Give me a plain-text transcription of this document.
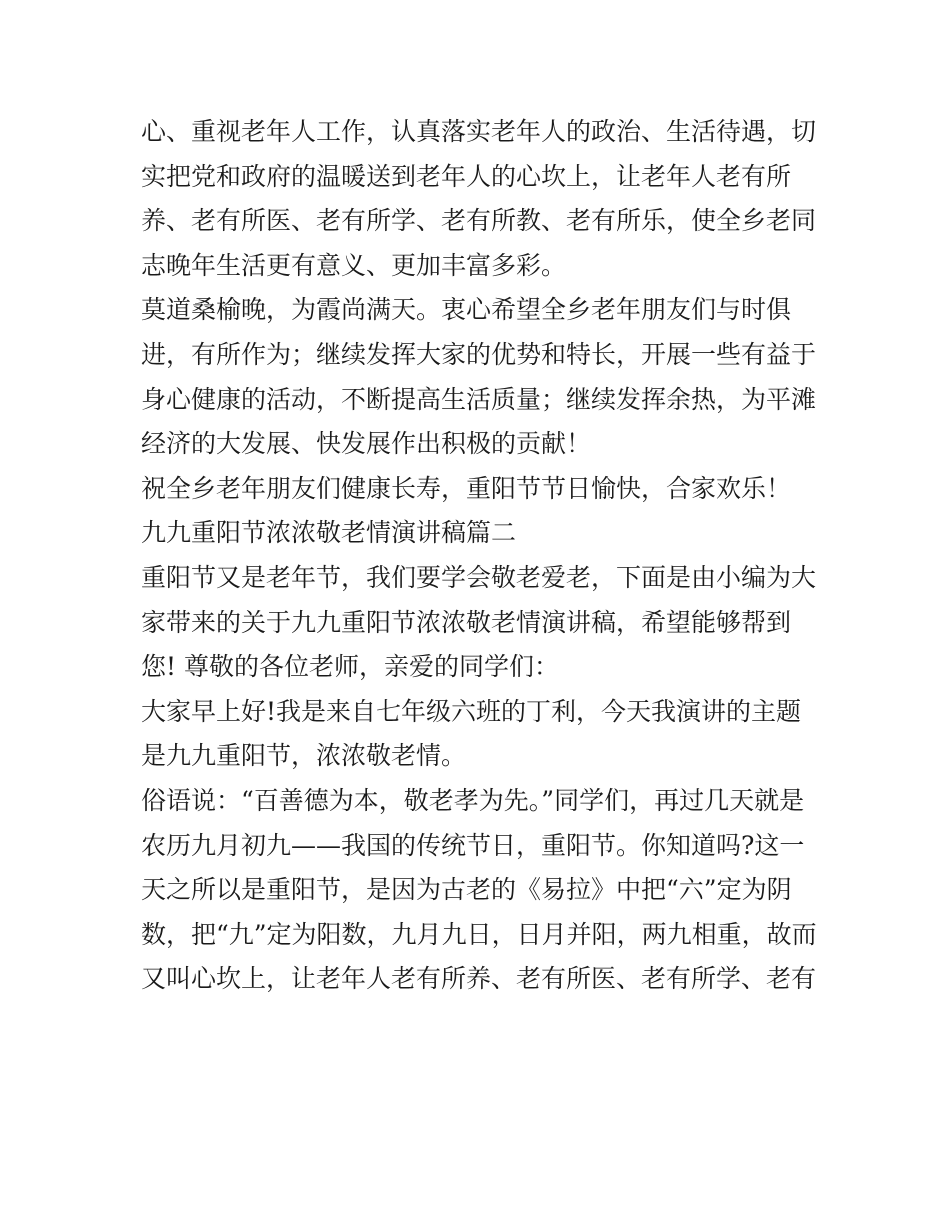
心、重视老年人工作，认真落实老年人的政治、生活待遇，切
实把党和政府的温暖送到老年人的心坎上，让老年人老有所
养、老有所医、老有所学、老有所教、老有所乐，使全乡老同
志晚年生活更有意义、更加丰富多彩。
莫道桑榆晚，为霞尚满天。衷心希望全乡老年朋友们与时俱
进，有所作为；继续发挥大家的优势和特长，开展一些有益于
身心健康的活动，不断提高生活质量；继续发挥余热，为平滩
经济的大发展、快发展作出积极的贡献！
祝全乡老年朋友们健康长寿，重阳节节日愉快，合家欢乐！
九九重阳节浓浓敬老情演讲稿篇二
重阳节又是老年节，我们要学会敬老爱老，下面是由小编为大
家带来的关于九九重阳节浓浓敬老情演讲稿，希望能够帮到
您! 尊敬的各位老师，亲爱的同学们：
大家早上好!我是来自七年级六班的丁利，今天我演讲的主题
是九九重阳节，浓浓敬老情。
俗语说：“百善德为本，敬老孝为先。”同学们，再过几天就是
农历九月初九——我国的传统节日，重阳节。你知道吗?这一
天之所以是重阳节，是因为古老的《易拉》中把“六”定为阴
数，把“九”定为阳数，九月九日，日月并阳，两九相重，故而
又叫心坎上，让老年人老有所养、老有所医、老有所学、老有
